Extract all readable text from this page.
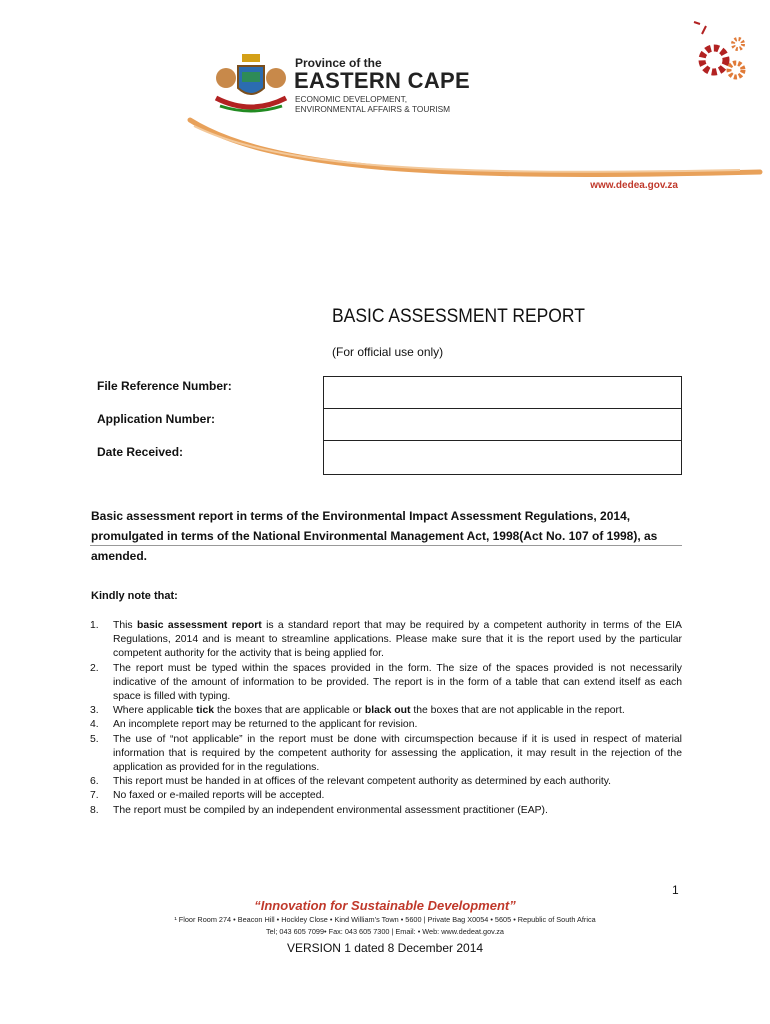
Province of the
EASTERN CAPE
ECONOMIC DEVELOPMENT,
ENVIRONMENTAL AFFAIRS & TOURISM
www.dedea.gov.za
BASIC ASSESSMENT REPORT
(For official use only)
File Reference Number:
Application Number:
Date Received:
Basic assessment report in terms of the Environmental Impact Assessment Regulations, 2014, promulgated in terms of the National Environmental Management Act, 1998(Act No. 107 of 1998), as amended.
Kindly note that:
1.	This basic assessment report is a standard report that may be required by a competent authority in terms of the EIA Regulations, 2014 and is meant to streamline applications. Please make sure that it is the report used by the particular competent authority for the activity that is being applied for.
2.	The report must be typed within the spaces provided in the form. The size of the spaces provided is not necessarily indicative of the amount of information to be provided. The report is in the form of a table that can extend itself as each space is filled with typing.
3.	Where applicable tick the boxes that are applicable or black out the boxes that are not applicable in the report.
4.	An incomplete report may be returned to the applicant for revision.
5.	The use of “not applicable” in the report must be done with circumspection because if it is used in respect of material information that is required by the competent authority for assessing the application, it may result in the rejection of the application as provided for in the regulations.
6.	This report must be handed in at offices of the relevant competent authority as determined by each authority.
7.	No faxed or e-mailed reports will be accepted.
8.	The report must be compiled by an independent environmental assessment practitioner (EAP).
1
“Innovation for Sustainable Development”
¹ Floor Room 274 • Beacon Hill • Hockley Close • Kind William’s Town • 5600 | Private Bag X0054 • 5605 • Republic of South Africa
Tel; 043 605 7099• Fax: 043 605 7300 | Email: • Web: www.dedeat.gov.za
VERSION 1 dated 8 December 2014
